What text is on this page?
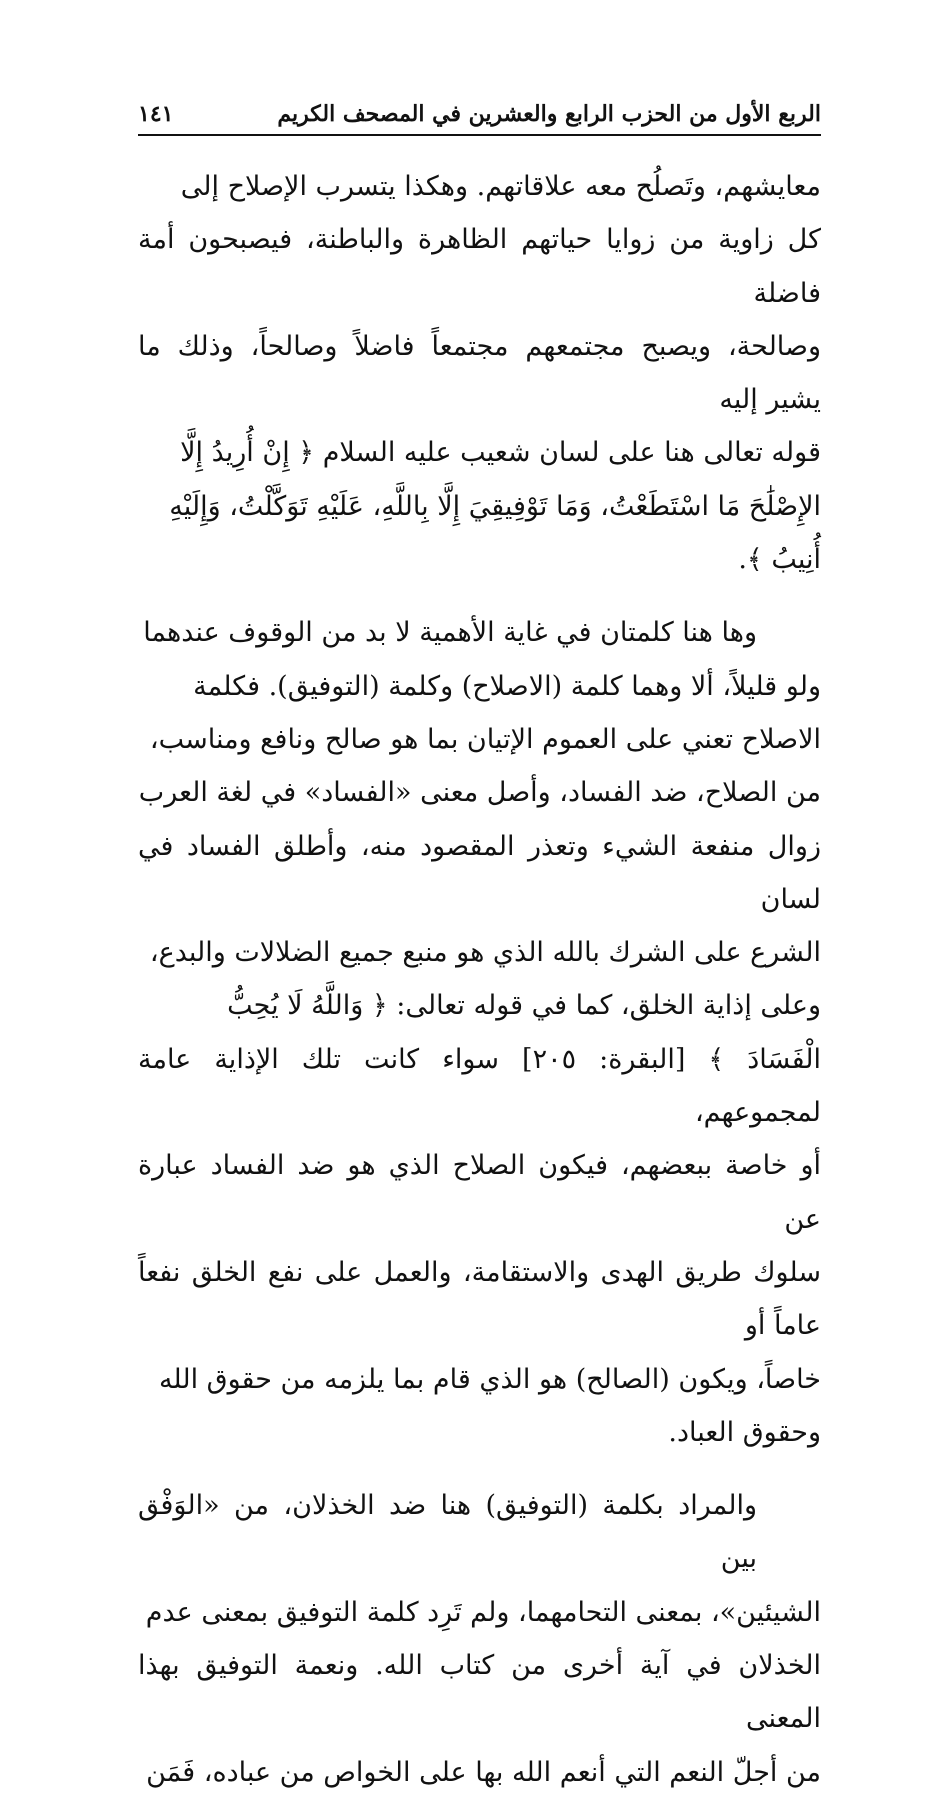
الربع الأول من الحزب الرابع والعشرين في المصحف الكريم
١٤١
معايشهم، وتَصلُح معه علاقاتهم. وهكذا يتسرب الإصلاح إلى
كل زاوية من زوايا حياتهم الظاهرة والباطنة، فيصبحون أمة فاضلة
وصالحة، ويصبح مجتمعهم مجتمعاً فاضلاً وصالحاً، وذلك ما يشير إليه
قوله تعالى هنا على لسان شعيب عليه السلام ﴿ إِنْ أُرِيدُ إِلَّا
الإِصْلَٰحَ مَا اسْتَطَعْتُ، وَمَا تَوْفِيقِيَ إِلَّا بِاللَّهِ، عَلَيْهِ تَوَكَّلْتُ، وَإِلَيْهِ
أُنِيبُ ﴾.
وها هنا كلمتان في غاية الأهمية لا بد من الوقوف عندهما
ولو قليلاً، ألا وهما كلمة (الاصلاح) وكلمة (التوفيق). فكلمة
الاصلاح تعني على العموم الإتيان بما هو صالح ونافع ومناسب،
من الصلاح، ضد الفساد، وأصل معنى «الفساد» في لغة العرب
زوال منفعة الشيء وتعذر المقصود منه، وأطلق الفساد في لسان
الشرع على الشرك بالله الذي هو منبع جميع الضلالات والبدع،
وعلى إذاية الخلق، كما في قوله تعالى: ﴿ وَاللَّهُ لَا يُحِبُّ
الْفَسَادَ ﴾ [البقرة: ٢٠٥] سواء كانت تلك الإذاية عامة لمجموعهم،
أو خاصة ببعضهم، فيكون الصلاح الذي هو ضد الفساد عبارة عن
سلوك طريق الهدى والاستقامة، والعمل على نفع الخلق نفعاً عاماً أو
خاصاً، ويكون (الصالح) هو الذي قام بما يلزمه من حقوق الله
وحقوق العباد.
والمراد بكلمة (التوفيق) هنا ضد الخذلان، من «الوَفْق بين
الشيئين»، بمعنى التحامهما، ولم تَرِد كلمة التوفيق بمعنى عدم
الخذلان في آية أخرى من كتاب الله. ونعمة التوفيق بهذا المعنى
من أجلّ النعم التي أنعم الله بها على الخواص من عباده، فَمَن
